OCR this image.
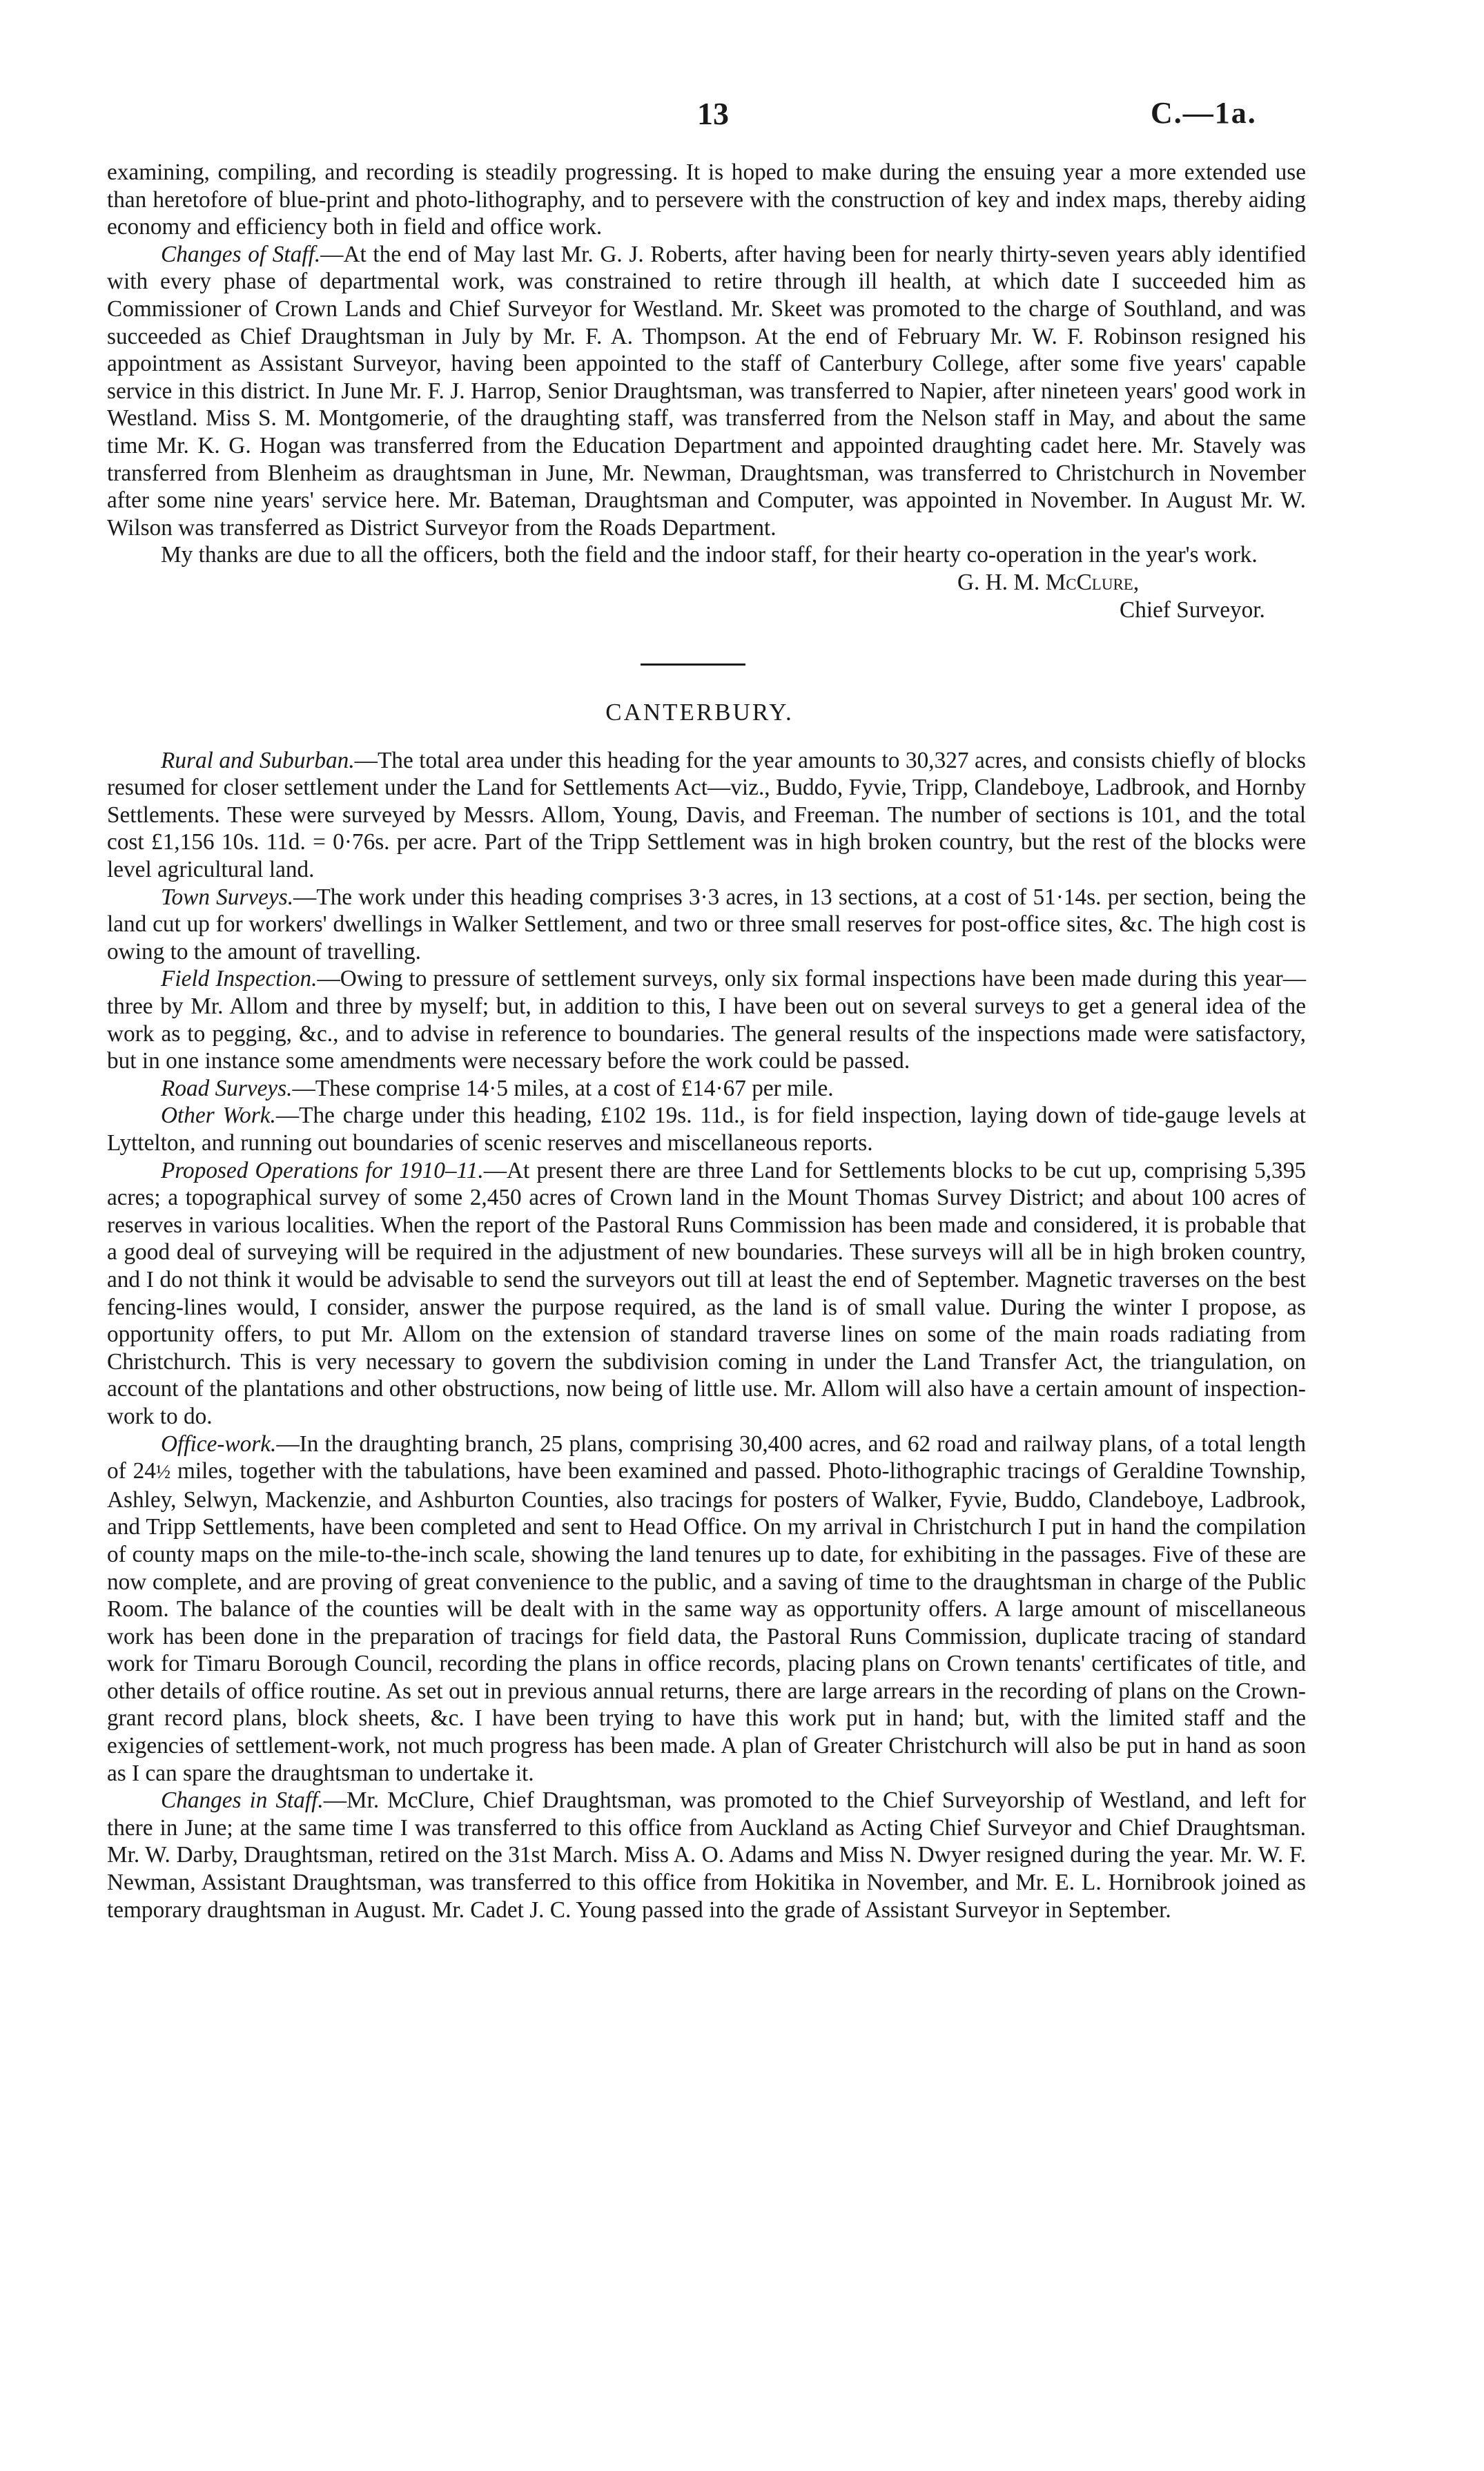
13	C.—1a.

examining, compiling, and recording is steadily progressing. It is hoped to make during the ensuing year a more extended use than heretofore of blue-print and photo-lithography, and to persevere with the construction of key and index maps, thereby aiding economy and efficiency both in field and office work.

Changes of Staff.—At the end of May last Mr. G. J. Roberts, after having been for nearly thirty-seven years ably identified with every phase of departmental work, was constrained to retire through ill health, at which date I succeeded him as Commissioner of Crown Lands and Chief Surveyor for Westland. Mr. Skeet was promoted to the charge of Southland, and was succeeded as Chief Draughtsman in July by Mr. F. A. Thompson. At the end of February Mr. W. F. Robinson resigned his appointment as Assistant Surveyor, having been appointed to the staff of Canterbury College, after some five years' capable service in this district. In June Mr. F. J. Harrop, Senior Draughtsman, was transferred to Napier, after nineteen years' good work in Westland. Miss S. M. Montgomerie, of the draughting staff, was transferred from the Nelson staff in May, and about the same time Mr. K. G. Hogan was transferred from the Education Department and appointed draughting cadet here. Mr. Stavely was transferred from Blenheim as draughtsman in June, Mr. Newman, Draughtsman, was transferred to Christchurch in November after some nine years' service here. Mr. Bateman, Draughtsman and Computer, was appointed in November. In August Mr. W. Wilson was transferred as District Surveyor from the Roads Department.

My thanks are due to all the officers, both the field and the indoor staff, for their hearty co-operation in the year's work.

G. H. M. McClure,

Chief Surveyor.

CANTERBURY.

Rural and Suburban.—The total area under this heading for the year amounts to 30,327 acres, and consists chiefly of blocks resumed for closer settlement under the Land for Settlements Act—viz., Buddo, Fyvie, Tripp, Clandeboye, Ladbrook, and Hornby Settlements. These were surveyed by Messrs. Allom, Young, Davis, and Freeman. The number of sections is 101, and the total cost £1,156 10s. 11d. = 0·76s. per acre. Part of the Tripp Settlement was in high broken country, but the rest of the blocks were level agricultural land.

Town Surveys.—The work under this heading comprises 3·3 acres, in 13 sections, at a cost of 51·14s. per section, being the land cut up for workers' dwellings in Walker Settlement, and two or three small reserves for post-office sites, &c. The high cost is owing to the amount of travelling.

Field Inspection.—Owing to pressure of settlement surveys, only six formal inspections have been made during this year—three by Mr. Allom and three by myself; but, in addition to this, I have been out on several surveys to get a general idea of the work as to pegging, &c., and to advise in reference to boundaries. The general results of the inspections made were satisfactory, but in one instance some amendments were necessary before the work could be passed.

Road Surveys.—These comprise 14·5 miles, at a cost of £14·67 per mile.

Other Work.—The charge under this heading, £102 19s. 11d., is for field inspection, laying down of tide-gauge levels at Lyttelton, and running out boundaries of scenic reserves and miscellaneous reports.

Proposed Operations for 1910–11.—At present there are three Land for Settlements blocks to be cut up, comprising 5,395 acres; a topographical survey of some 2,450 acres of Crown land in the Mount Thomas Survey District; and about 100 acres of reserves in various localities. When the report of the Pastoral Runs Commission has been made and considered, it is probable that a good deal of surveying will be required in the adjustment of new boundaries. These surveys will all be in high broken country, and I do not think it would be advisable to send the surveyors out till at least the end of September. Magnetic traverses on the best fencing-lines would, I consider, answer the purpose required, as the land is of small value. During the winter I propose, as opportunity offers, to put Mr. Allom on the extension of standard traverse lines on some of the main roads radiating from Christchurch. This is very necessary to govern the subdivision coming in under the Land Transfer Act, the triangulation, on account of the plantations and other obstructions, now being of little use. Mr. Allom will also have a certain amount of inspection-work to do.

Office-work.—In the draughting branch, 25 plans, comprising 30,400 acres, and 62 road and railway plans, of a total length of 24½ miles, together with the tabulations, have been examined and passed. Photo-lithographic tracings of Geraldine Township, Ashley, Selwyn, Mackenzie, and Ashburton Counties, also tracings for posters of Walker, Fyvie, Buddo, Clandeboye, Ladbrook, and Tripp Settlements, have been completed and sent to Head Office. On my arrival in Christchurch I put in hand the compilation of county maps on the mile-to-the-inch scale, showing the land tenures up to date, for exhibiting in the passages. Five of these are now complete, and are proving of great convenience to the public, and a saving of time to the draughtsman in charge of the Public Room. The balance of the counties will be dealt with in the same way as opportunity offers. A large amount of miscellaneous work has been done in the preparation of tracings for field data, the Pastoral Runs Commission, duplicate tracing of standard work for Timaru Borough Council, recording the plans in office records, placing plans on Crown tenants' certificates of title, and other details of office routine. As set out in previous annual returns, there are large arrears in the recording of plans on the Crown-grant record plans, block sheets, &c. I have been trying to have this work put in hand; but, with the limited staff and the exigencies of settlement-work, not much progress has been made. A plan of Greater Christchurch will also be put in hand as soon as I can spare the draughtsman to undertake it.

Changes in Staff.—Mr. McClure, Chief Draughtsman, was promoted to the Chief Surveyorship of Westland, and left for there in June; at the same time I was transferred to this office from Auckland as Acting Chief Surveyor and Chief Draughtsman. Mr. W. Darby, Draughtsman, retired on the 31st March. Miss A. O. Adams and Miss N. Dwyer resigned during the year. Mr. W. F. Newman, Assistant Draughtsman, was transferred to this office from Hokitika in November, and Mr. E. L. Hornibrook joined as temporary draughtsman in August. Mr. Cadet J. C. Young passed into the grade of Assistant Surveyor in September.
